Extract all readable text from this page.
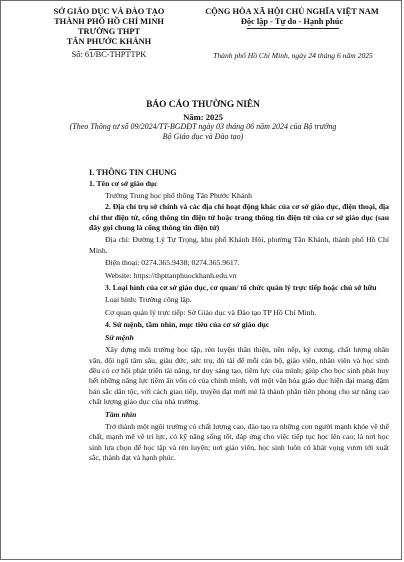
SỞ GIÁO DỤC VÀ ĐÀO TẠO
THÀNH PHỐ HỒ CHÍ MINH
TRƯỜNG THPT
TÂN PHƯỚC KHÁNH
Số: 61/BC-THPTTPK
CỘNG HÒA XÃ HỘI CHỦ NGHĨA VIỆT NAM
Độc lập - Tự do - Hạnh phúc
Thành phố Hồ Chí Minh, ngày 24 tháng 6 năm 2025
BÁO CÁO THƯỜNG NIÊN
Năm: 2025
(Theo Thông tư số 09/2024/TT-BGDĐT ngày 03 tháng 06 năm 2024 của Bộ trưởng Bộ Giáo dục và Đào tạo)
I. THÔNG TIN CHUNG
1. Tên cơ sở giáo dục
Trường Trung học phổ thông Tân Phước Khánh
2. Địa chỉ trụ sở chính và các địa chỉ hoạt động khác của cơ sở giáo dục, điện thoại, địa chỉ thư điện tử, cổng thông tin điện tử hoặc trang thông tin điện tử của cơ sở giáo dục (sau đây gọi chung là cổng thông tin điện tử)
Địa chỉ: Đường Lý Tự Trọng, khu phố Khánh Hội, phường Tân Khánh, thành phố Hồ Chí Minh.
Điện thoại: 0274.365.9438; 0274.365.9617.
Website: https://thpttanphuockhanh.edu.vn
3. Loại hình của cơ sở giáo dục, cơ quan/ tổ chức quản lý trực tiếp hoặc chủ sở hữu
Loại hình: Trường công lập.
Cơ quan quản lý trực tiếp: Sở Giáo dục và Đào tạo TP Hồ Chí Minh.
4. Sứ mệnh, tầm nhìn, mục tiêu của cơ sở giáo dục
Sứ mệnh
Xây dựng môi trường học tập, rèn luyện thân thiện, nền nếp, kỷ cương, chất lượng nhân văn, đội ngũ tâm sâu, giàu đức, sức trụ, đủ tài để mỗi cán bộ, giáo viên, nhân viên và học sinh đều có cơ hội phát triển tài năng, tư duy sáng tạo, tiềm lực của mình; giúp cho học sinh phát huy hết những năng lực tiềm ẩn vốn có của chính mình, với một văn hóa giáo dục hiện đại mang đậm bản sắc dân tộc, với cách giao tiếp, truyền đạt mới mẻ là thành phần tiên phong cho sự nâng cao chất lượng giáo dục của nhà trường.
Tầm nhìn
Trở thành một ngôi trường có chất lượng cao, đào tạo ra những con người mạnh khỏe về thể chất, mạnh mẽ về trí lực, có kỹ năng sống tốt, đáp ứng cho việc tiếp tục học lên cao; là nơi học sinh lựa chọn để học tập và rèn luyện; nơi giáo viên, học sinh luôn có khát vọng vươn tới xuất sắc, thành đạt và hạnh phúc.
